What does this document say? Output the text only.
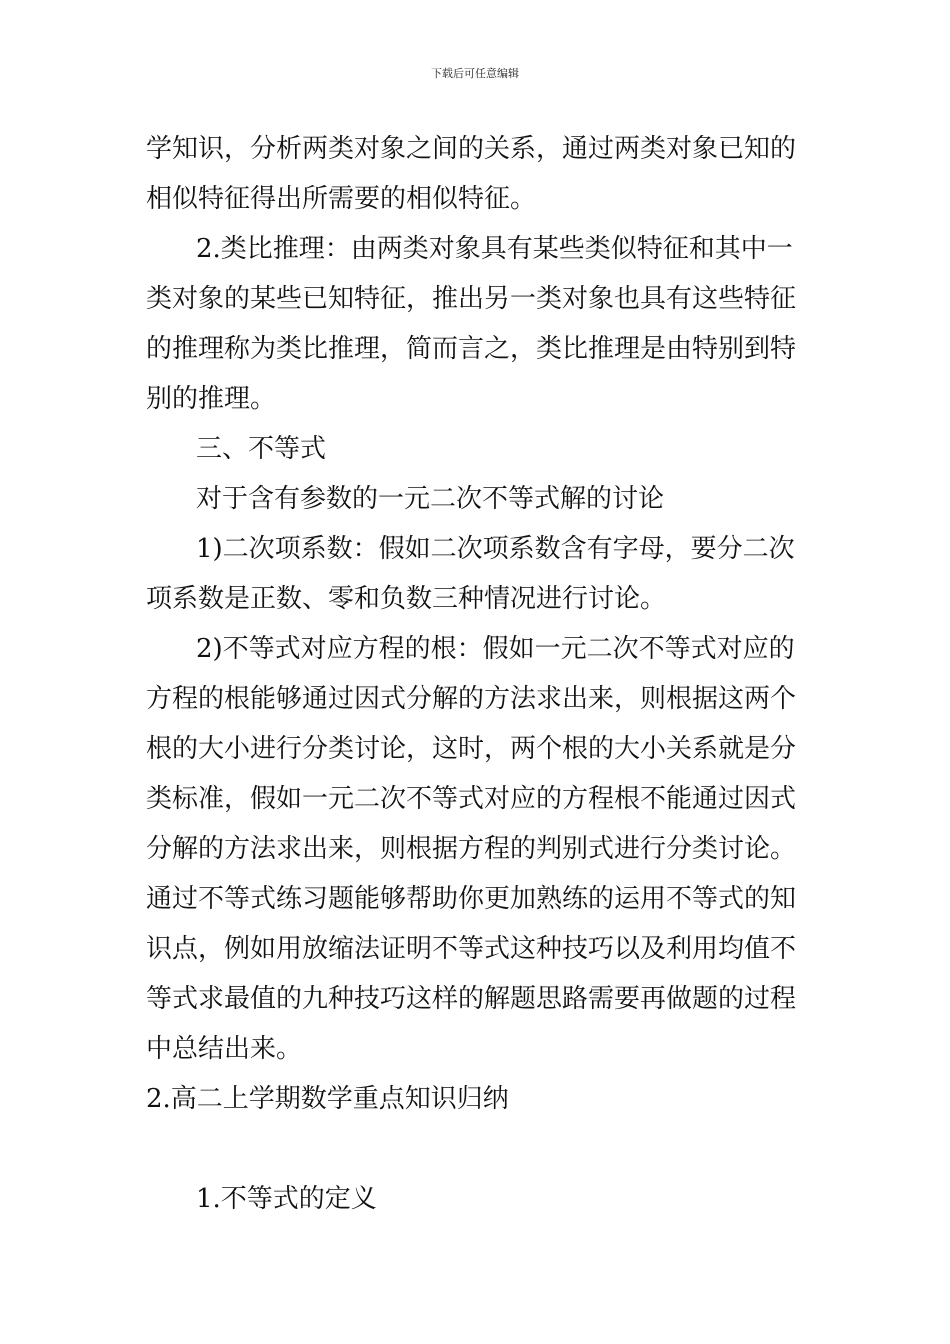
下载后可任意编辑
学知识，分析两类对象之间的关系，通过两类对象已知的
相似特征得出所需要的相似特征。
2.类比推理：由两类对象具有某些类似特征和其中一
类对象的某些已知特征，推出另一类对象也具有这些特征
的推理称为类比推理，简而言之，类比推理是由特别到特
别的推理。
三、不等式
对于含有参数的一元二次不等式解的讨论
1)二次项系数：假如二次项系数含有字母，要分二次
项系数是正数、零和负数三种情况进行讨论。
2)不等式对应方程的根：假如一元二次不等式对应的
方程的根能够通过因式分解的方法求出来，则根据这两个
根的大小进行分类讨论，这时，两个根的大小关系就是分
类标准，假如一元二次不等式对应的方程根不能通过因式
分解的方法求出来，则根据方程的判别式进行分类讨论。
通过不等式练习题能够帮助你更加熟练的运用不等式的知
识点，例如用放缩法证明不等式这种技巧以及利用均值不
等式求最值的九种技巧这样的解题思路需要再做题的过程
中总结出来。
2.高二上学期数学重点知识归纳
1.不等式的定义
